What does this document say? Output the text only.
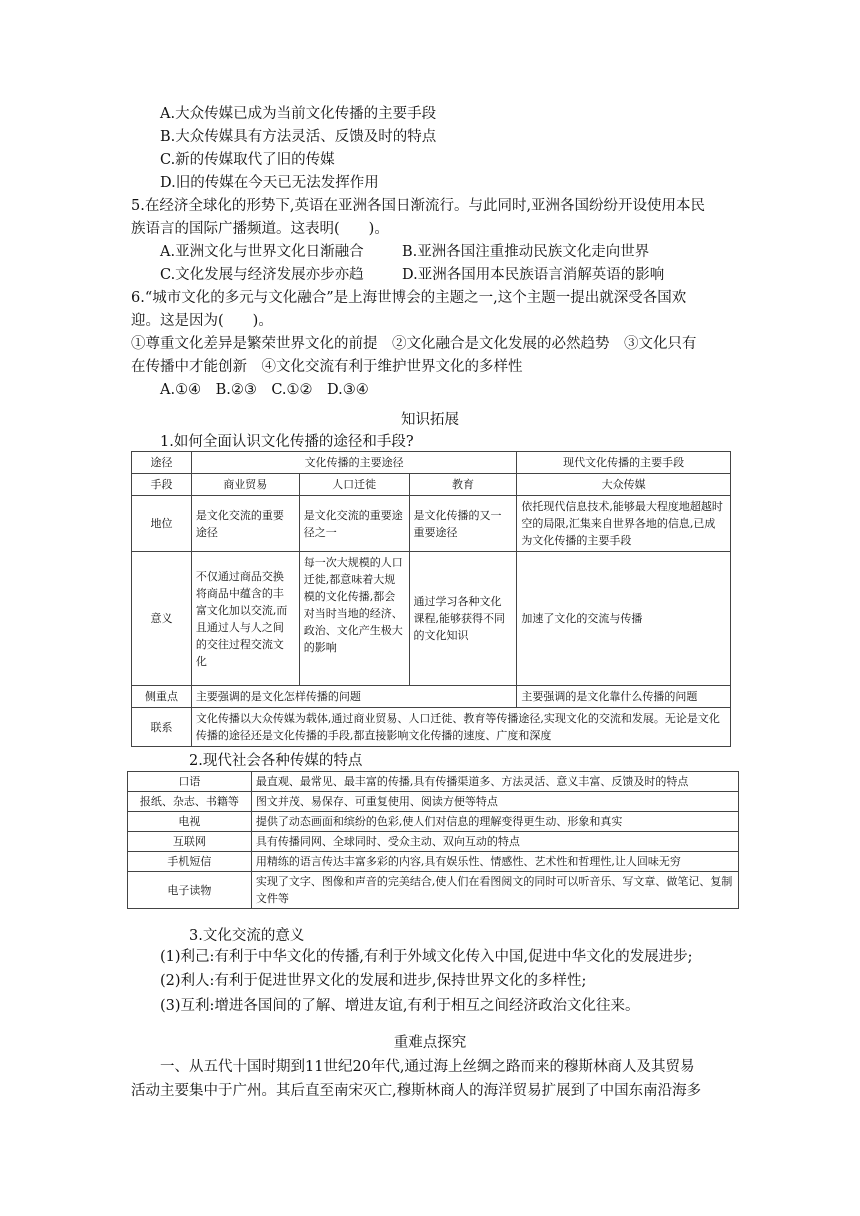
A.大众传媒已成为当前文化传播的主要手段
B.大众传媒具有方法灵活、反馈及时的特点
C.新的传媒取代了旧的传媒
D.旧的传媒在今天已无法发挥作用
5.在经济全球化的形势下,英语在亚洲各国日渐流行。与此同时,亚洲各国纷纷开设使用本民
族语言的国际广播频道。这表明(　　)。
A.亚洲文化与世界文化日渐融合	B.亚洲各国注重推动民族文化走向世界
C.文化发展与经济发展亦步亦趋	D.亚洲各国用本民族语言消解英语的影响
6.“城市文化的多元与文化融合”是上海世博会的主题之一,这个主题一提出就深受各国欢
迎。这是因为(　　)。
①尊重文化差异是繁荣世界文化的前提　②文化融合是文化发展的必然趋势　③文化只有
在传播中才能创新　④文化交流有利于维护世界文化的多样性
A.①④　B.②③　C.①②　D.③④
知识拓展
1.如何全面认识文化传播的途径和手段?
途径	文化传播的主要途径			现代文化传播的主要手段
手段	商业贸易	人口迁徙	教育	大众传媒
地位	是文化交流的重要途径	是文化交流的重要途径之一	是文化传播的又一重要途径	依托现代信息技术,能够最大程度地超越时空的局限,汇集来自世界各地的信息,已成为文化传播的主要手段
意义	不仅通过商品交换将商品中蕴含的丰富文化加以交流,而且通过人与人之间的交往过程交流文化	每一次大规模的人口迁徙,都意味着大规模的文化传播,都会对当时当地的经济、政治、文化产生极大的影响	通过学习各种文化课程,能够获得不同的文化知识	加速了文化的交流与传播
侧重点	主要强调的是文化怎样传播的问题			主要强调的是文化靠什么传播的问题
联系	文化传播以大众传媒为载体,通过商业贸易、人口迁徙、教育等传播途径,实现文化的交流和发展。无论是文化传播的途径还是文化传播的手段,都直接影响文化传播的速度、广度和深度			
2.现代社会各种传媒的特点
口语	最直观、最常见、最丰富的传播,具有传播渠道多、方法灵活、意义丰富、反馈及时的特点
报纸、杂志、书籍等	图文并茂、易保存、可重复使用、阅读方便等特点
电视	提供了动态画面和缤纷的色彩,使人们对信息的理解变得更生动、形象和真实
互联网	具有传播同网、全球同时、受众主动、双向互动的特点
手机短信	用精练的语言传达丰富多彩的内容,具有娱乐性、情感性、艺术性和哲理性,让人回味无穷
电子读物	实现了文字、图像和声音的完美结合,使人们在看图阅文的同时可以听音乐、写文章、做笔记、复制文件等
3.文化交流的意义
(1)利己:有利于中华文化的传播,有利于外域文化传入中国,促进中华文化的发展进步;
(2)利人:有利于促进世界文化的发展和进步,保持世界文化的多样性;
(3)互利:增进各国间的了解、增进友谊,有利于相互之间经济政治文化往来。
重难点探究
一、从五代十国时期到11世纪20年代,通过海上丝绸之路而来的穆斯林商人及其贸易
活动主要集中于广州。其后直至南宋灭亡,穆斯林商人的海洋贸易扩展到了中国东南沿海多
